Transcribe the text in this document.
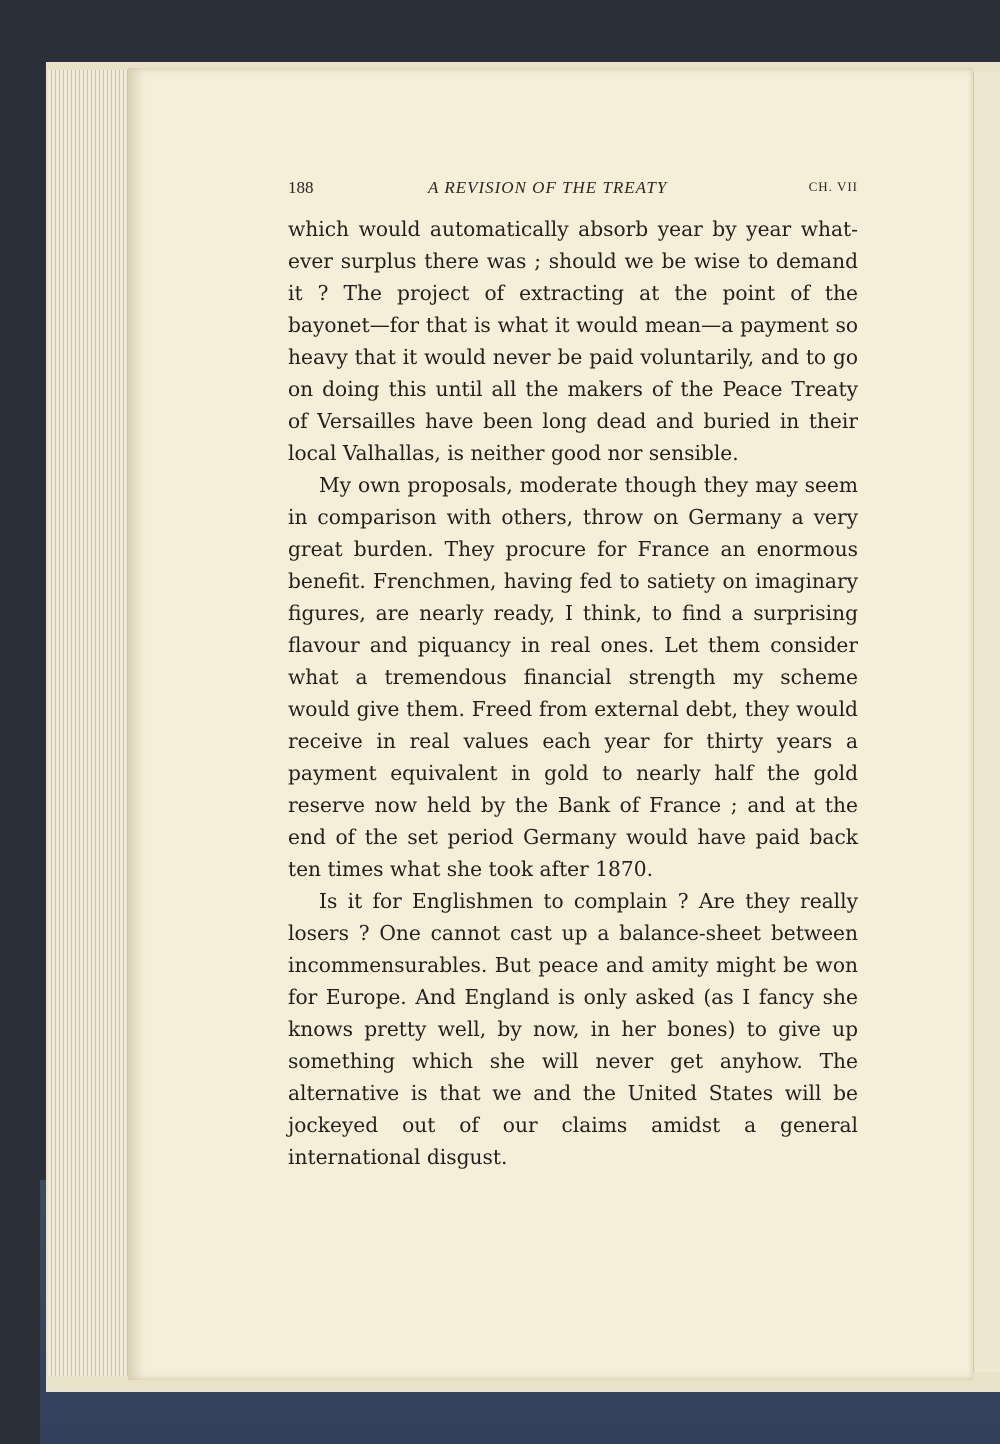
188	A REVISION OF THE TREATY	CH. VII

which would automatically absorb year by year whatever surplus there was ; should we be wise to demand it ? The project of extracting at the point of the bayonet—for that is what it would mean—a payment so heavy that it would never be paid voluntarily, and to go on doing this until all the makers of the Peace Treaty of Versailles have been long dead and buried in their local Valhallas, is neither good nor sensible.

My own proposals, moderate though they may seem in comparison with others, throw on Germany a very great burden. They procure for France an enormous benefit. Frenchmen, having fed to satiety on imaginary figures, are nearly ready, I think, to find a surprising flavour and piquancy in real ones. Let them consider what a tremendous financial strength my scheme would give them. Freed from external debt, they would receive in real values each year for thirty years a payment equivalent in gold to nearly half the gold reserve now held by the Bank of France ; and at the end of the set period Germany would have paid back ten times what she took after 1870.

Is it for Englishmen to complain ? Are they really losers ? One cannot cast up a balance-sheet between incommensurables. But peace and amity might be won for Europe. And England is only asked (as I fancy she knows pretty well, by now, in her bones) to give up something which she will never get anyhow. The alternative is that we and the United States will be jockeyed out of our claims amidst a general international disgust.
